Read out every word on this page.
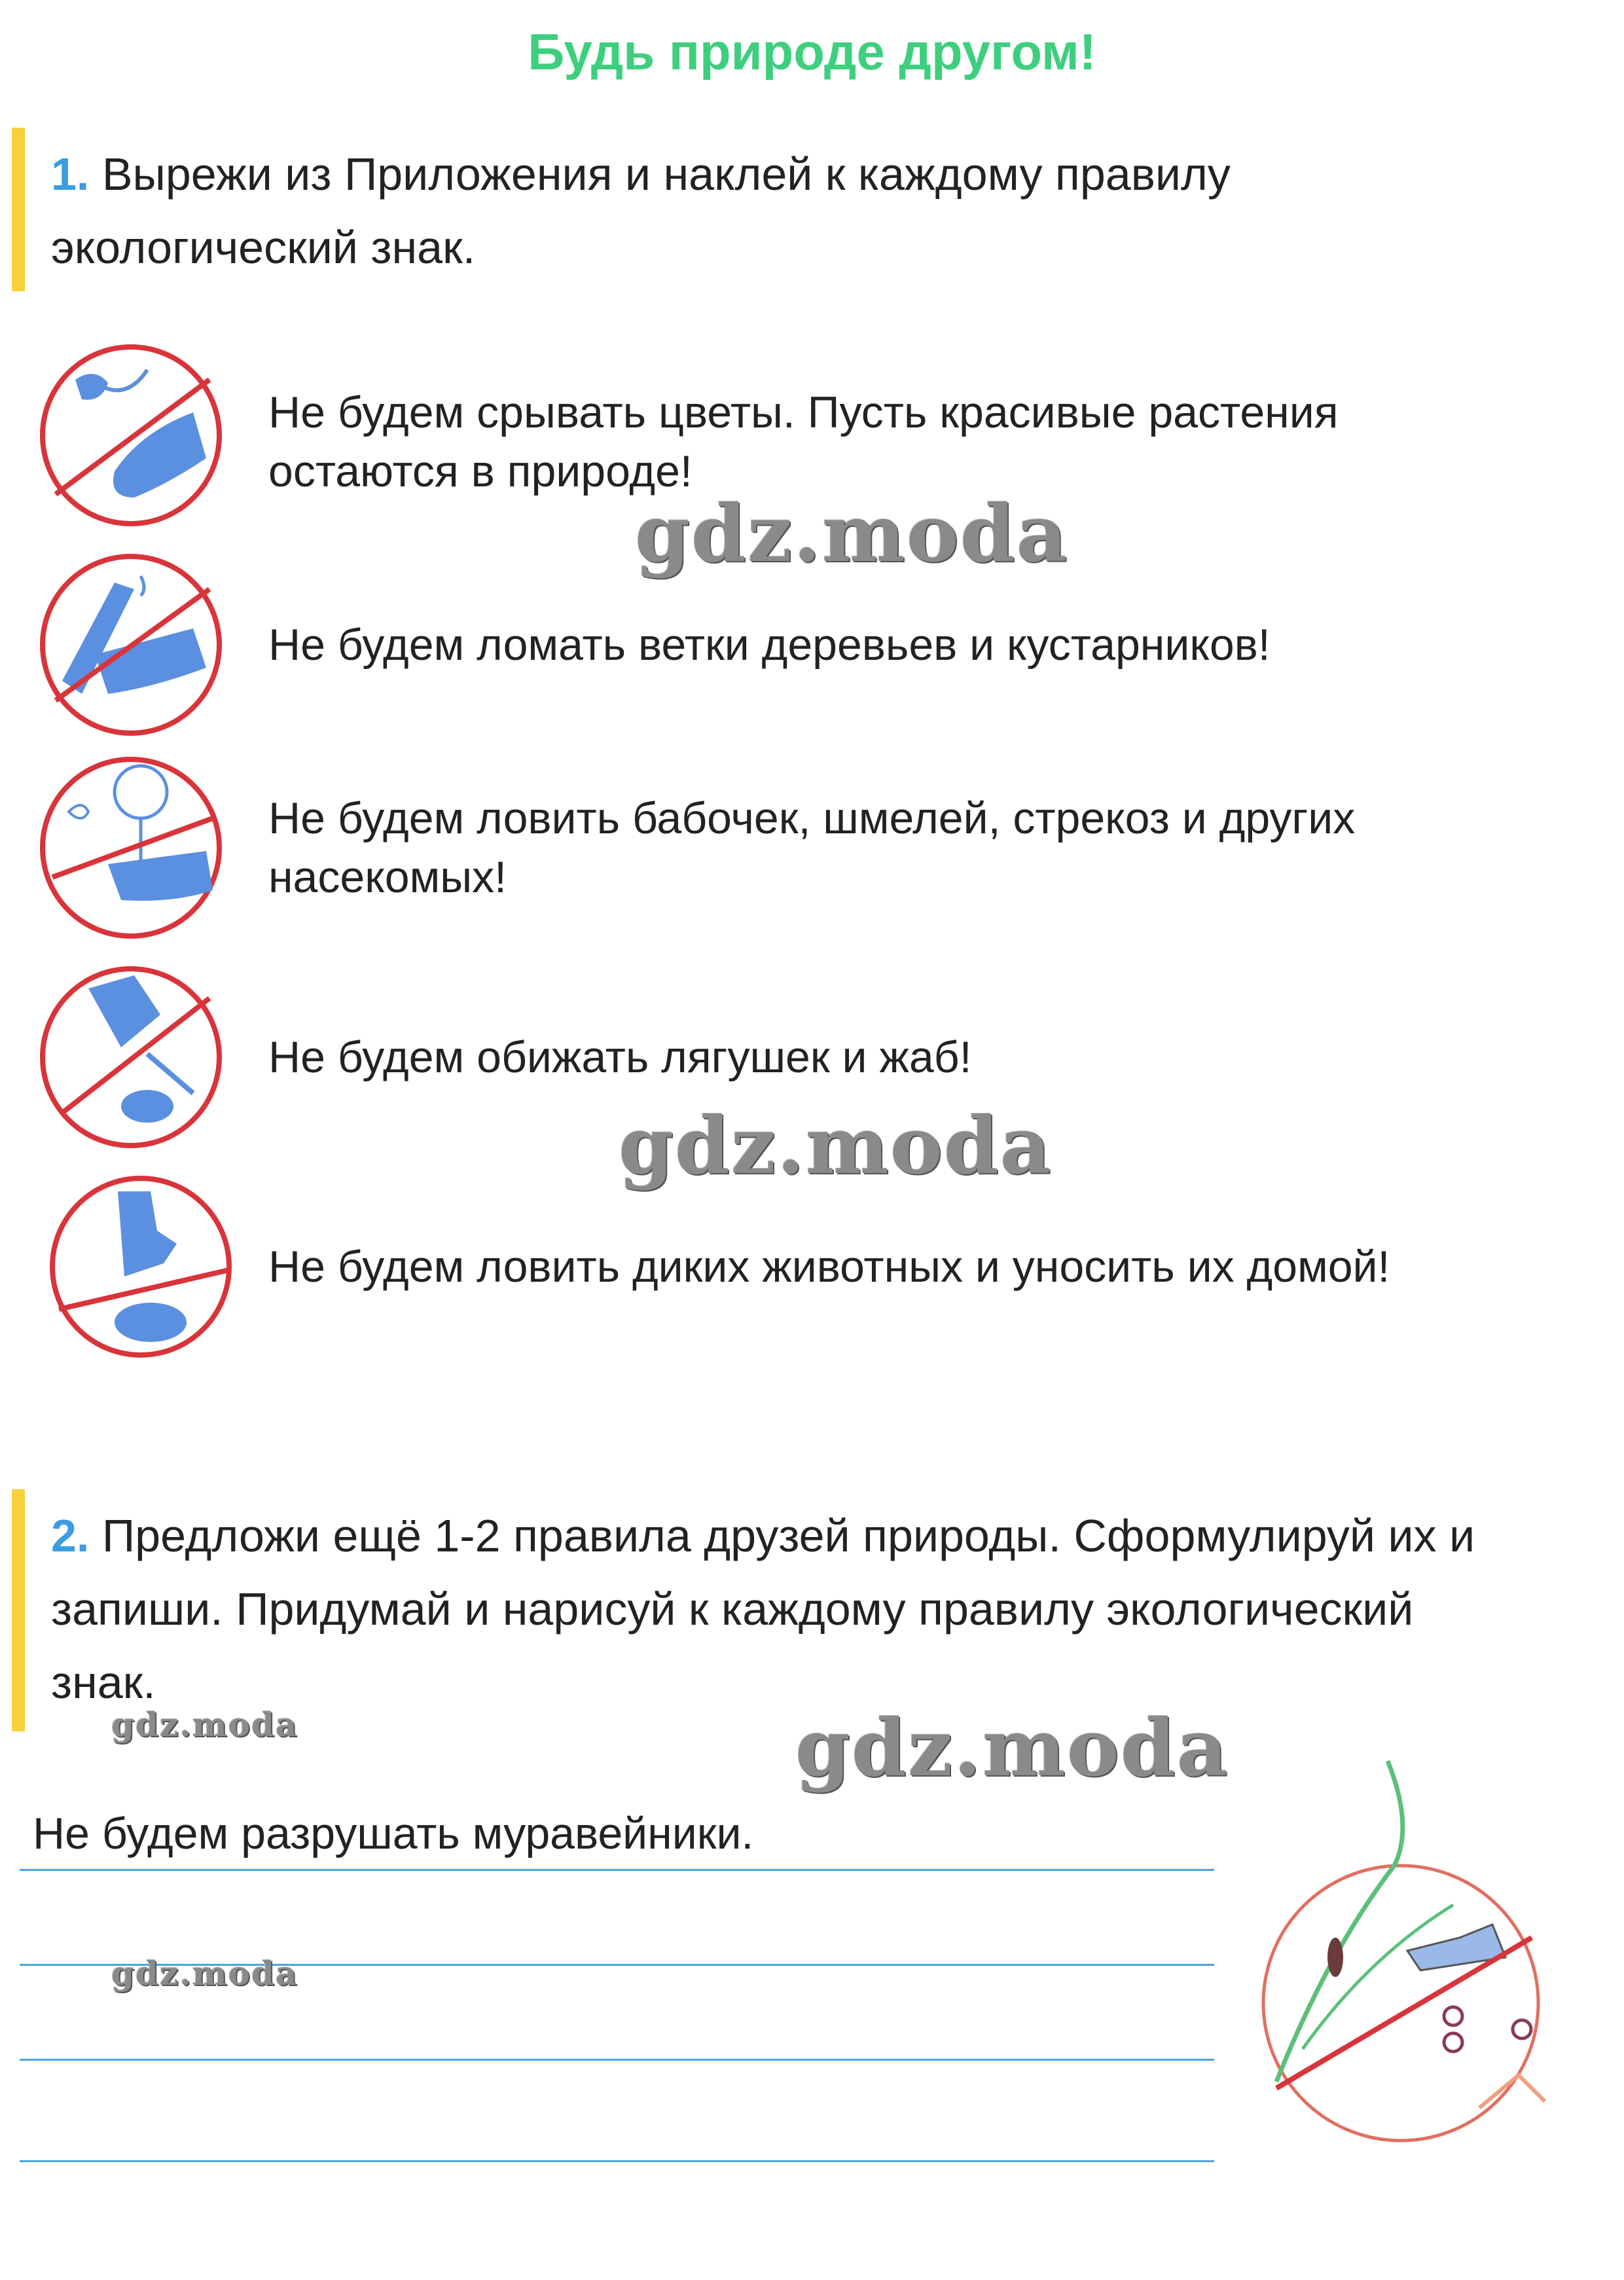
Будь природе другом!
1. Вырежи из Приложения и наклей к каждому правилу
экологический знак.
Не будем срывать цветы. Пусть красивые растения
остаются в природе!
Не будем ломать ветки деревьев и кустарников!
Не будем ловить бабочек, шмелей, стрекоз и других
насекомых!
Не будем обижать лягушек и жаб!
Не будем ловить диких животных и уносить их домой!
2. Предложи ещё 1-2 правила друзей природы. Сформулируй их и
запиши. Придумай и нарисуй к каждому правилу экологический
знак.
Не будем разрушать муравейники.
gdz.moda
gdz.moda
gdz.moda	gdz.moda
gdz.moda
